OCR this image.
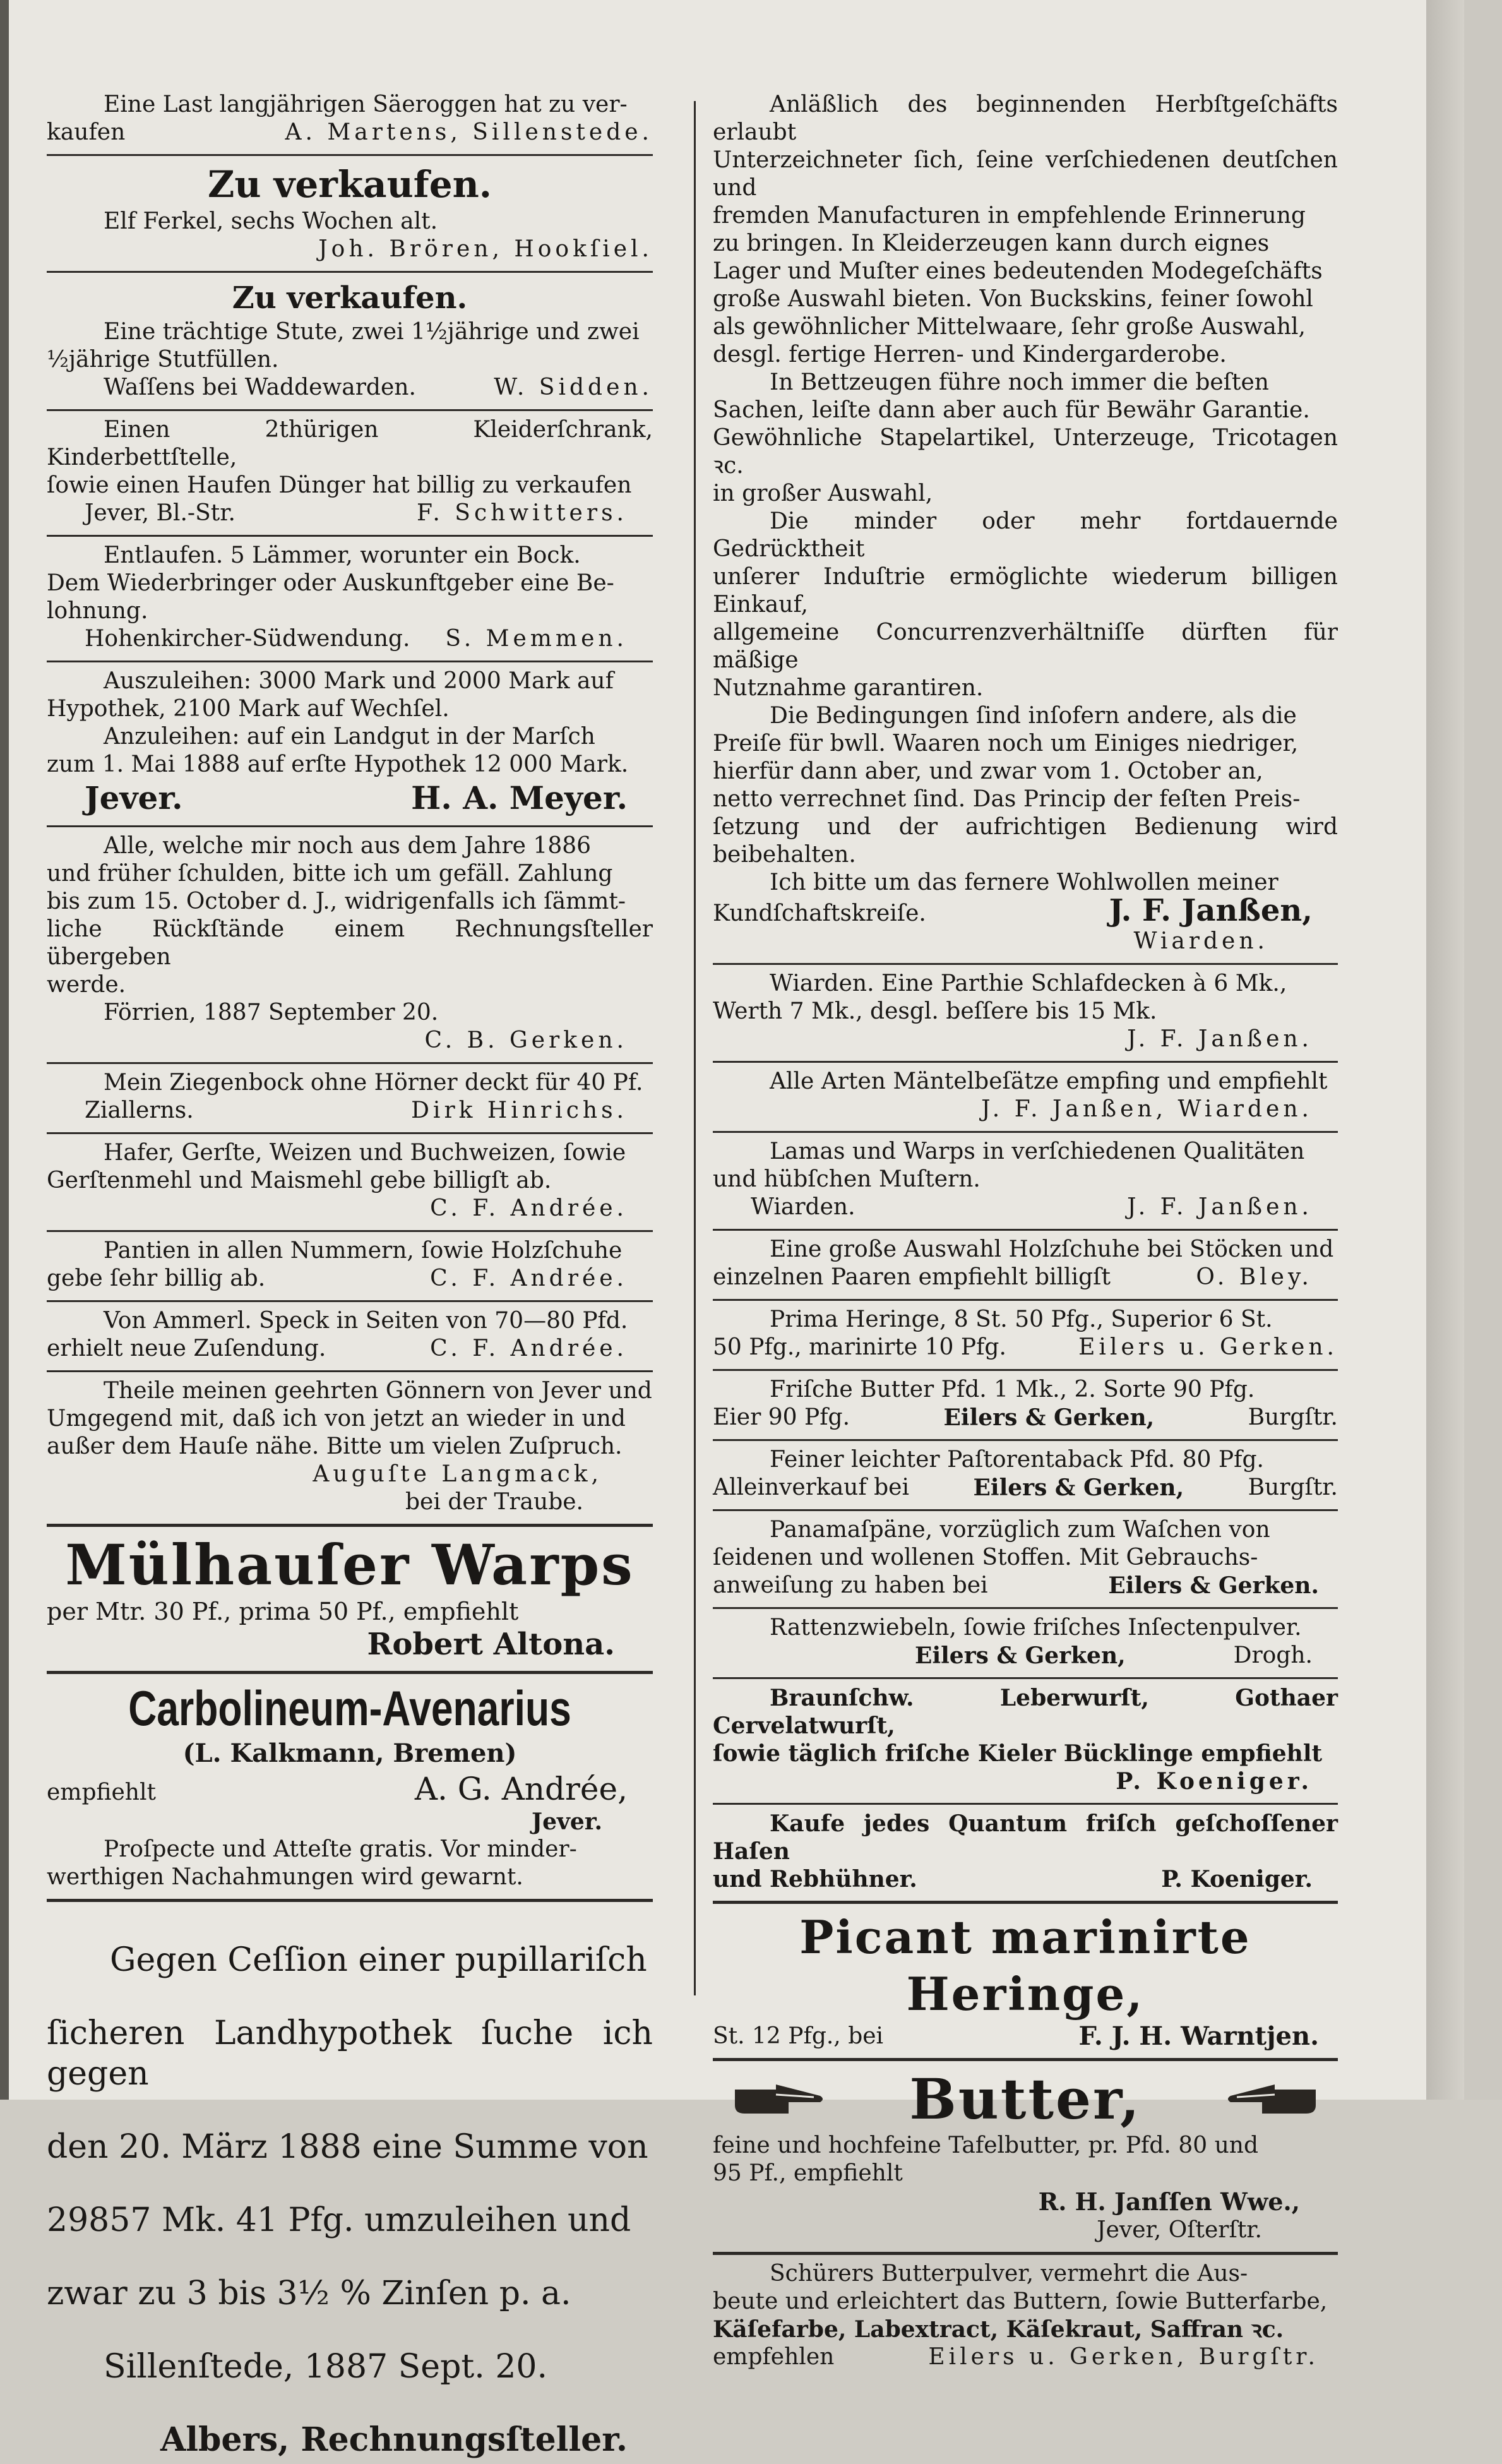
Eine Last langjährigen Säeroggen hat zu ver-

kaufen	A. Martens, Sillenstede.
Zu verkaufen.

Elf Ferkel, sechs Wochen alt.

Joh. Brören, Hookſiel.
Zu verkaufen.

Eine trächtige Stute, zwei 1½jährige und zwei

½jährige Stutfüllen.

Waſſens bei Waddewarden.	W. Sidden.

Einen 2thürigen Kleiderſchrank, Kinderbettſtelle,

ſowie einen Haufen Dünger hat billig zu verkaufen

Jever, Bl.-Str.	F. Schwitters.

Entlaufen. 5 Lämmer, worunter ein Bock.

Dem Wiederbringer oder Auskunftgeber eine Be-

lohnung.

Hohenkircher-Südwendung. S. Memmen.

Auszuleihen: 3000 Mark und 2000 Mark auf

Hypothek, 2100 Mark auf Wechſel.

Anzuleihen: auf ein Landgut in der Marſch

zum 1. Mai 1888 auf erſte Hypothek 12 000 Mark.

Jever.	H. A. Meyer.

Alle, welche mir noch aus dem Jahre 1886

und früher ſchulden, bitte ich um gefäll. Zahlung

bis zum 15. October d. J., widrigenfalls ich ſämmt-

liche Rückſtände einem Rechnungsſteller übergeben

werde.

Förrien, 1887 September 20.

C. B. Gerken.

Mein Ziegenbock ohne Hörner deckt für 40 Pf.

Ziallerns.	Dirk Hinrichs.

Hafer, Gerſte, Weizen und Buchweizen, ſowie

Gerſtenmehl und Maismehl gebe billigſt ab.

C. F. Andrée.

Pantien in allen Nummern, ſowie Holzſchuhe

gebe ſehr billig ab.	C. F. Andrée.

Von Ammerl. Speck in Seiten von 70—80 Pfd.

erhielt neue Zuſendung.	C. F. Andrée.

Theile meinen geehrten Gönnern von Jever und

Umgegend mit, daß ich von jetzt an wieder in und

außer dem Hauſe nähe. Bitte um vielen Zuſpruch.

Auguſte Langmack,
bei der Traube.
Mülhauſer Warps

per Mtr. 30 Pf., prima 50 Pf., empfiehlt

Robert Altona.
Carbolineum-Avenarius
(L. Kalkmann, Bremen)
empfiehlt	A. G. Andrée,
Jever.

Proſpecte und Atteſte gratis. Vor minder-

werthigen Nachahmungen wird gewarnt.

Gegen Ceſſion einer pupillariſch

ſicheren Landhypothek ſuche ich gegen

den 20. März 1888 eine Summe von

29857 Mk. 41 Pfg. umzuleihen und

zwar zu 3 bis 3½ % Zinſen p. a.

Sillenſtede, 1887 Sept. 20.

Albers, Rechnungsſteller.

Anläßlich des beginnenden Herbſtgeſchäfts erlaubt

Unterzeichneter ſich, ſeine verſchiedenen deutſchen und

fremden Manufacturen in empfehlende Erinnerung

zu bringen. In Kleiderzeugen kann durch eignes

Lager und Muſter eines bedeutenden Modegeſchäfts

große Auswahl bieten. Von Buckskins, feiner ſowohl

als gewöhnlicher Mittelwaare, ſehr große Auswahl,

desgl. fertige Herren- und Kindergarderobe.

In Bettzeugen führe noch immer die beſten

Sachen, leiſte dann aber auch für Bewähr Garantie.

Gewöhnliche Stapelartikel, Unterzeuge, Tricotagen ꝛc.

in großer Auswahl,

Die minder oder mehr fortdauernde Gedrücktheit

unſerer Induſtrie ermöglichte wiederum billigen Einkauf,

allgemeine Concurrenzverhältniſſe dürften für mäßige

Nutznahme garantiren.

Die Bedingungen ſind inſofern andere, als die

Preiſe für bwll. Waaren noch um Einiges niedriger,

hierfür dann aber, und zwar vom 1. October an,

netto verrechnet ſind. Das Princip der feſten Preis-

ſetzung und der aufrichtigen Bedienung wird beibehalten.

Ich bitte um das fernere Wohlwollen meiner

Kundſchaftskreiſe.	J. F. Janßen,
Wiarden.

Wiarden. Eine Parthie Schlafdecken à 6 Mk.,

Werth 7 Mk., desgl. beſſere bis 15 Mk.

J. F. Janßen.

Alle Arten Mäntelbeſätze empfing und empfiehlt

J. F. Janßen, Wiarden.

Lamas und Warps in verſchiedenen Qualitäten

und hübſchen Muſtern.

Wiarden.	J. F. Janßen.

Eine große Auswahl Holzſchuhe bei Stöcken und

einzelnen Paaren empfiehlt billigſt	O. Bley.

Prima Heringe, 8 St. 50 Pfg., Superior 6 St.

50 Pfg., marinirte 10 Pfg.	Eilers u. Gerken.

Friſche Butter Pfd. 1 Mk., 2. Sorte 90 Pfg.

Eier 90 Pfg.	Eilers & Gerken,	Burgſtr.

Feiner leichter Paſtorentaback Pfd. 80 Pfg.

Alleinverkauf bei	Eilers & Gerken,	Burgſtr.

Panamaſpäne, vorzüglich zum Waſchen von

ſeidenen und wollenen Stoffen. Mit Gebrauchs-

anweiſung zu haben bei	Eilers & Gerken.

Rattenzwiebeln, ſowie friſches Inſectenpulver.

Eilers & Gerken,	Drogh.

Braunſchw. Leberwurſt, Gothaer Cervelatwurſt,

ſowie täglich friſche Kieler Bücklinge empfiehlt

P. Koeniger.

Kaufe jedes Quantum friſch geſchoſſener Haſen

und Rebhühner.	P. Koeniger.
Picant marinirte Heringe,
St. 12 Pfg., bei	F. J. H. Warntjen.
Butter,

feine und hochfeine Tafelbutter, pr. Pfd. 80 und

95 Pf., empfiehlt

R. H. Janſſen Wwe.,
Jever, Oſterſtr.

Schürers Butterpulver, vermehrt die Aus-

beute und erleichtert das Buttern, ſowie Butterfarbe,

Käſefarbe, Labextract, Käſekraut, Saffran ꝛc.

empfehlen	Eilers u. Gerken, Burgſtr.
